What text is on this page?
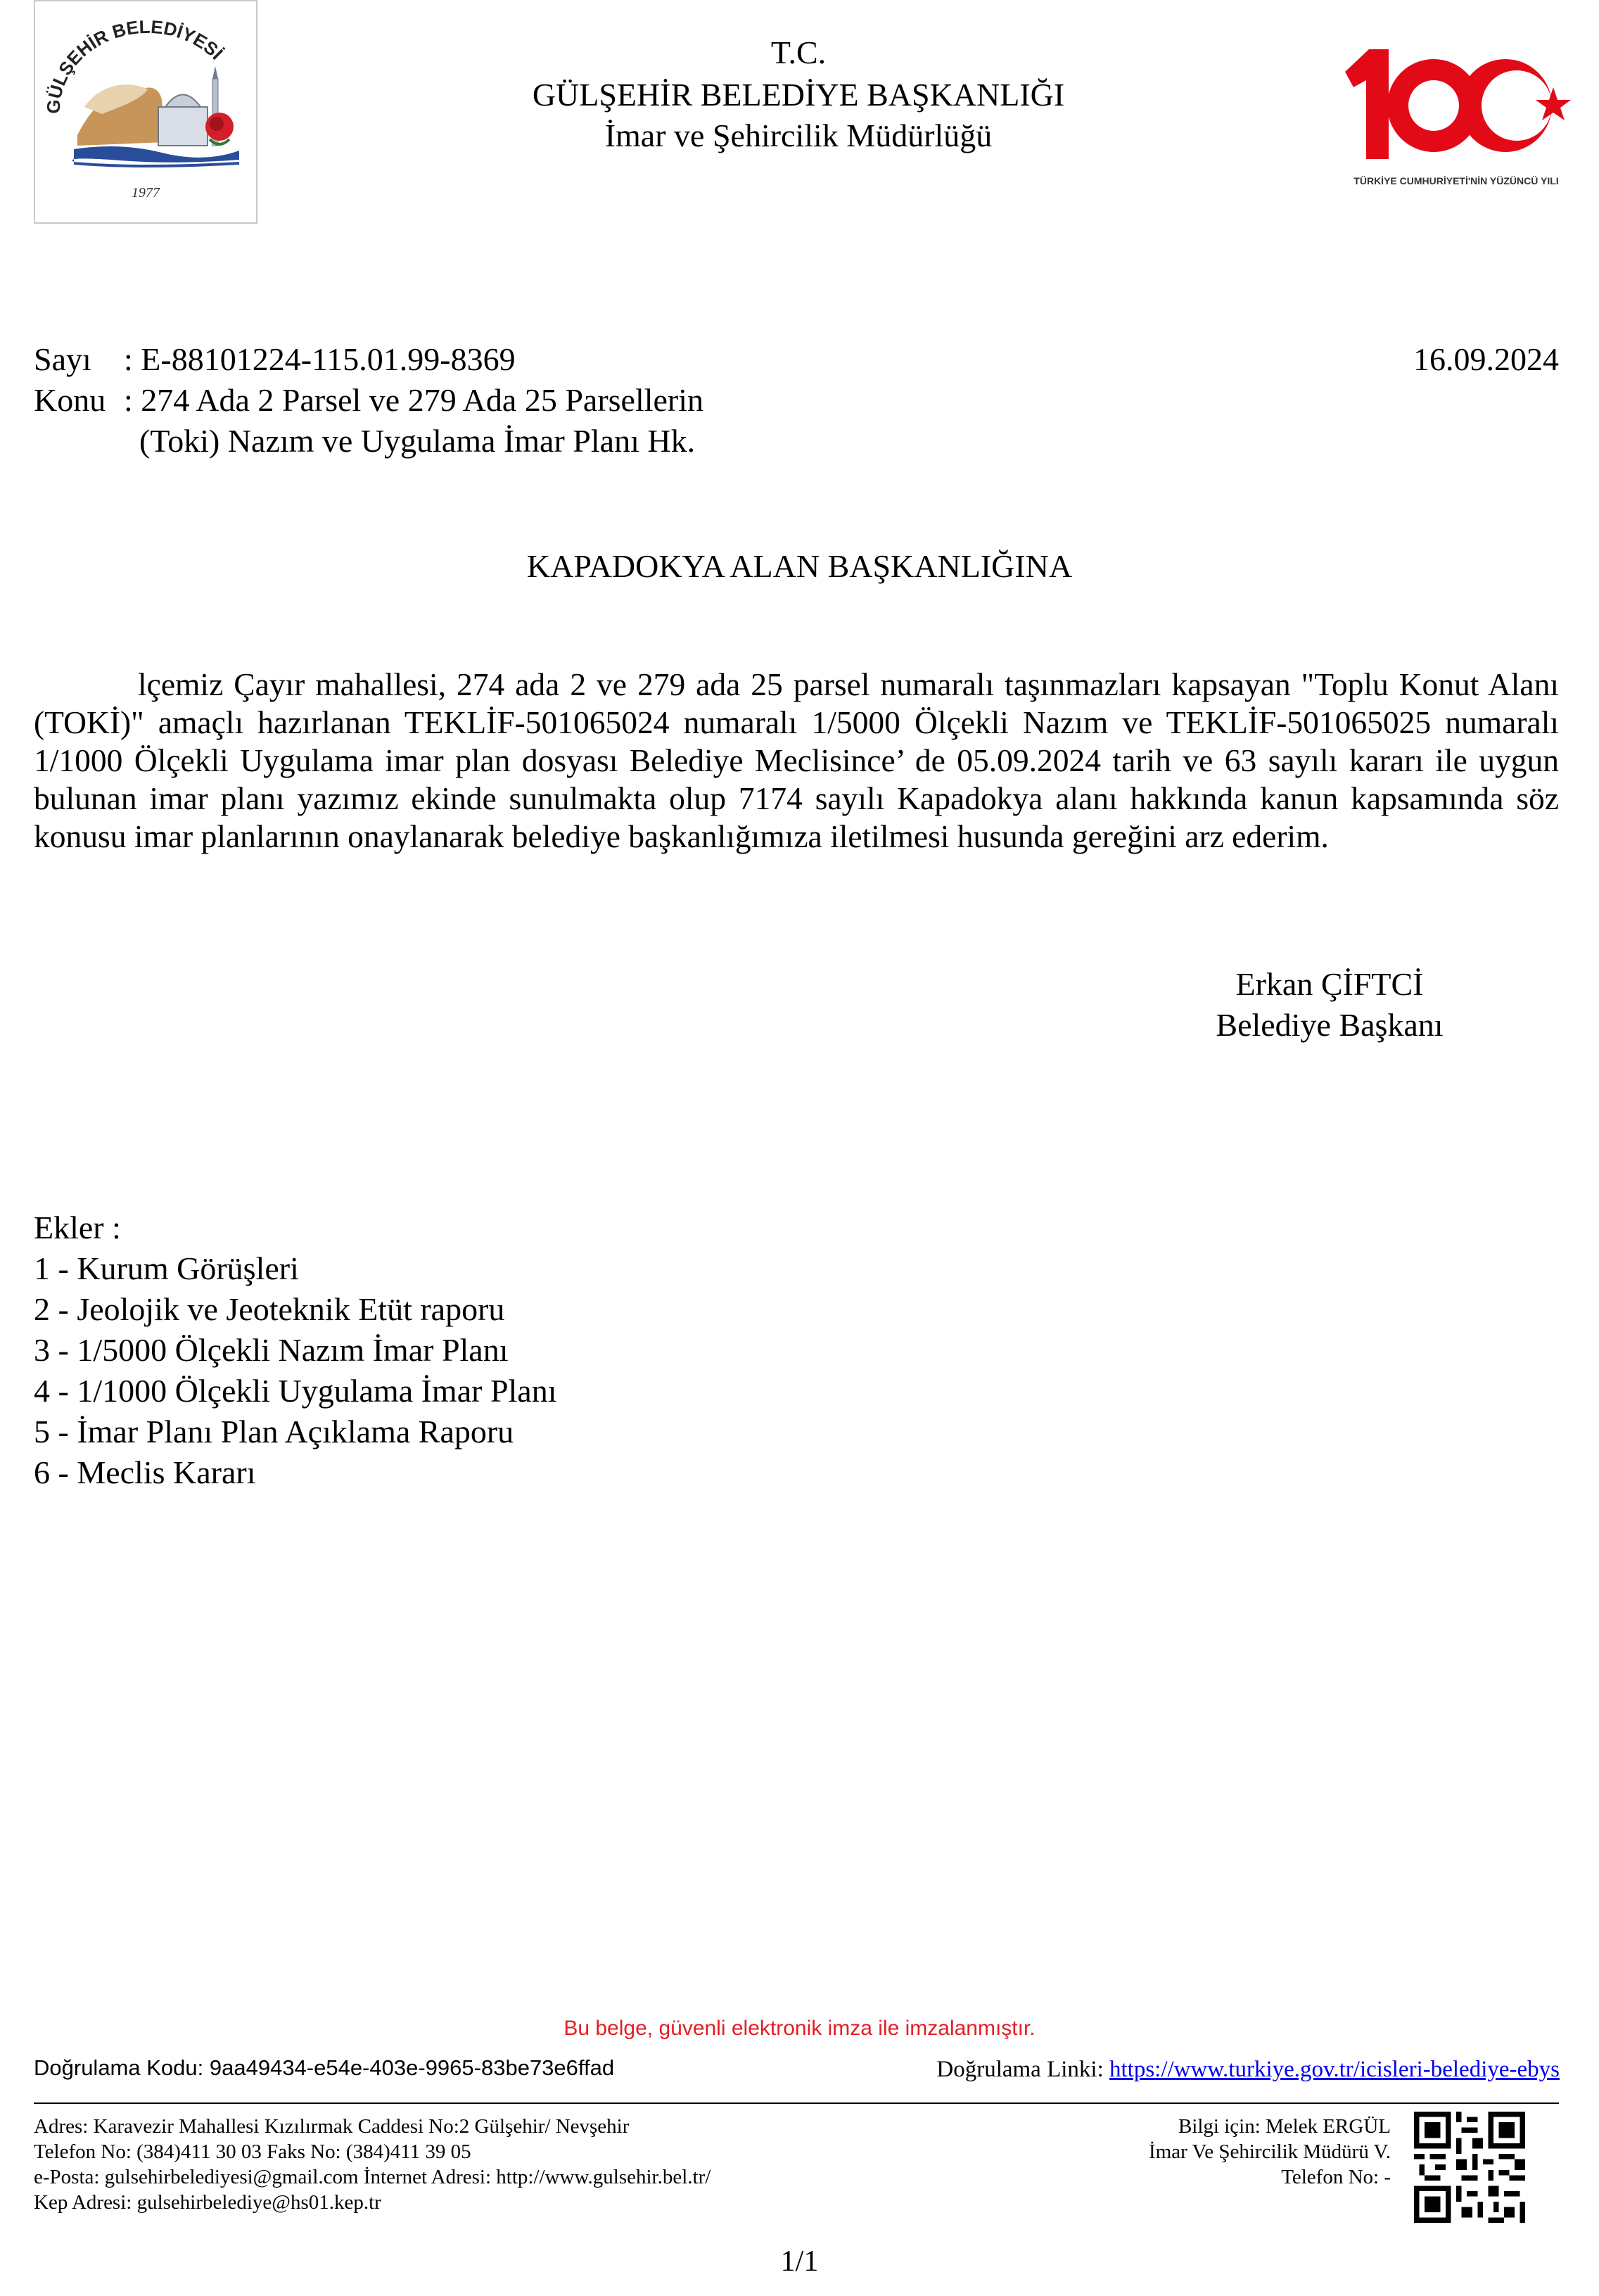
GÜLŞEHİR BELEDİYESİ
1977
TÜRKİYE CUMHURİYETİ'NİN YÜZÜNCÜ YILI
T.C.
GÜLŞEHİR BELEDİYE BAŞKANLIĞI
İmar ve Şehircilik Müdürlüğü
Sayı : E-88101224-115.01.99-8369	16.09.2024
Konu : 274 Ada 2 Parsel ve 279 Ada 25 Parsellerin
(Toki) Nazım ve Uygulama İmar Planı Hk.
KAPADOKYA ALAN BAŞKANLIĞINA
lçemiz Çayır mahallesi, 274 ada 2 ve 279 ada 25 parsel numaralı taşınmazları kapsayan "Toplu Konut Alanı (TOKİ)" amaçlı hazırlanan TEKLİF-501065024 numaralı 1/5000 Ölçekli Nazım ve TEKLİF-501065025 numaralı 1/1000 Ölçekli Uygulama imar plan dosyası Belediye Meclisince’ de 05.09.2024 tarih ve 63 sayılı kararı ile uygun bulunan imar planı yazımız ekinde sunulmakta olup 7174 sayılı Kapadokya alanı hakkında kanun kapsamında söz konusu imar planlarının onaylanarak belediye başkanlığımıza iletilmesi husunda gereğini arz ederim.
Erkan ÇİFTCİ
Belediye Başkanı
Ekler :
1 - Kurum Görüşleri
2 - Jeolojik ve Jeoteknik Etüt raporu
3 - 1/5000 Ölçekli Nazım İmar Planı
4 - 1/1000 Ölçekli Uygulama İmar Planı
5 - İmar Planı Plan Açıklama Raporu
6 - Meclis Kararı
Bu belge, güvenli elektronik imza ile imzalanmıştır.
Doğrulama Kodu: 9aa49434-e54e-403e-9965-83be73e6ffad	Doğrulama Linki: https://www.turkiye.gov.tr/icisleri-belediye-ebys
Adres: Karavezir Mahallesi Kızılırmak Caddesi No:2 Gülşehir/ Nevşehir
Telefon No: (384)411 30 03 Faks No: (384)411 39 05
e-Posta: gulsehirbelediyesi@gmail.com İnternet Adresi: http://www.gulsehir.bel.tr/
Kep Adresi: gulsehirbelediye@hs01.kep.tr
Bilgi için: Melek ERGÜL
İmar Ve Şehircilik Müdürü V.
Telefon No: -
1/1
